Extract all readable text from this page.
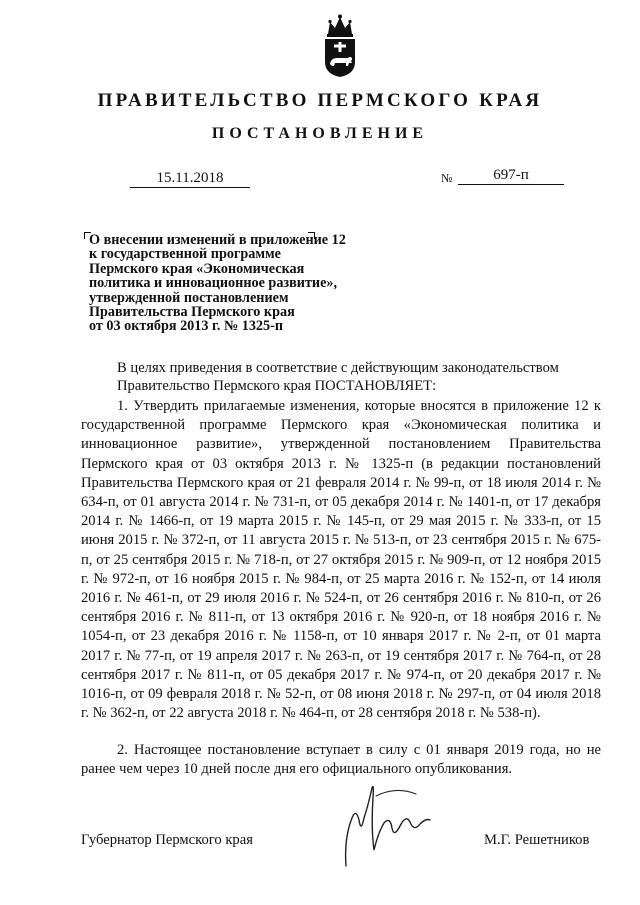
ПРАВИТЕЛЬСТВО ПЕРМСКОГО КРАЯ
ПОСТАНОВЛЕНИЕ
15.11.2018	№	697-п
О внесении изменений в приложение 12
к государственной программе
Пермского края «Экономическая
политика и инновационное развитие»,
утвержденной постановлением
Правительства Пермского края
от 03 октября 2013 г. № 1325-п
В целях приведения в соответствие с действующим законодательством
Правительство Пермского края ПОСТАНОВЛЯЕТ:
1. Утвердить прилагаемые изменения, которые вносятся в приложение 12 к государственной программе Пермского края «Экономическая политика и инновационное развитие», утвержденной постановлением Правительства Пермского края от 03 октября 2013 г. № 1325-п (в редакции постановлений Правительства Пермского края от 21 февраля 2014 г. № 99-п, от 18 июля 2014 г. № 634-п, от 01 августа 2014 г. № 731-п, от 05 декабря 2014 г. № 1401-п, от 17 декабря 2014 г. № 1466-п, от 19 марта 2015 г. № 145-п, от 29 мая 2015 г. № 333-п, от 15 июня 2015 г. № 372-п, от 11 августа 2015 г. № 513-п, от 23 сентября 2015 г. № 675-п, от 25 сентября 2015 г. № 718-п, от 27 октября 2015 г. № 909-п, от 12 ноября 2015 г. № 972-п, от 16 ноября 2015 г. № 984-п, от 25 марта 2016 г. № 152-п, от 14 июля 2016 г. № 461-п, от 29 июля 2016 г. № 524-п, от 26 сентября 2016 г. № 810-п, от 26 сентября 2016 г. № 811-п, от 13 октября 2016 г. № 920-п, от 18 ноября 2016 г. № 1054-п, от 23 декабря 2016 г. № 1158-п, от 10 января 2017 г. № 2-п, от 01 марта 2017 г. № 77-п, от 19 апреля 2017 г. № 263-п, от 19 сентября 2017 г. № 764-п, от 28 сентября 2017 г. № 811-п, от 05 декабря 2017 г. № 974-п, от 20 декабря 2017 г. № 1016-п, от 09 февраля 2018 г. № 52-п, от 08 июня 2018 г. № 297-п, от 04 июля 2018 г. № 362-п, от 22 августа 2018 г. № 464-п, от 28 сентября 2018 г. № 538-п).
2. Настоящее постановление вступает в силу с 01 января 2019 года, но не ранее чем через 10 дней после дня его официального опубликования.
Губернатор Пермского края	М.Г. Решетников
